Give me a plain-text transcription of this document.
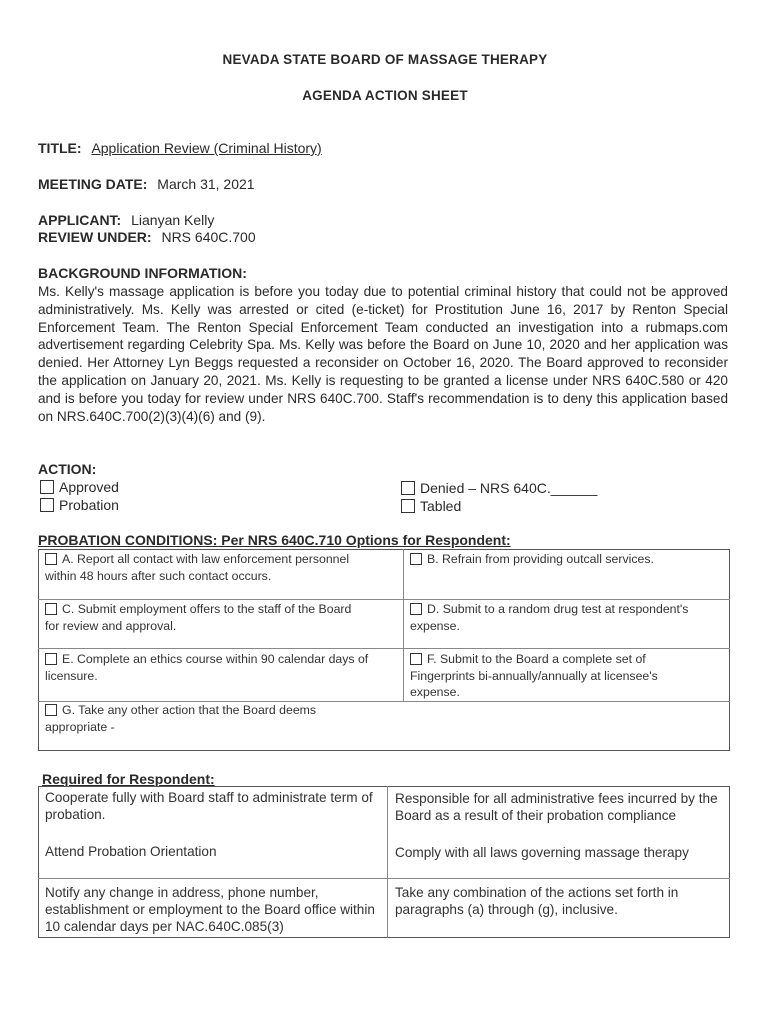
NEVADA STATE BOARD OF MASSAGE THERAPY
AGENDA ACTION SHEET
TITLE: Application Review (Criminal History)
MEETING DATE: March 31, 2021
APPLICANT: Lianyan Kelly
REVIEW UNDER: NRS 640C.700
BACKGROUND INFORMATION:
Ms. Kelly's massage application is before you today due to potential criminal history that could not be approved administratively. Ms. Kelly was arrested or cited (e-ticket) for Prostitution June 16, 2017 by Renton Special Enforcement Team. The Renton Special Enforcement Team conducted an investigation into a rubmaps.com advertisement regarding Celebrity Spa. Ms. Kelly was before the Board on June 10, 2020 and her application was denied. Her Attorney Lyn Beggs requested a reconsider on October 16, 2020. The Board approved to reconsider the application on January 20, 2021. Ms. Kelly is requesting to be granted a license under NRS 640C.580 or 420 and is before you today for review under NRS 640C.700. Staff's recommendation is to deny this application based on NRS.640C.700(2)(3)(4)(6) and (9).
ACTION:
Approved
Probation
Denied – NRS 640C.______
Tabled
PROBATION CONDITIONS: Per NRS 640C.710 Options for Respondent:
A. Report all contact with law enforcement personnel within 48 hours after such contact occurs.
B. Refrain from providing outcall services.
C. Submit employment offers to the staff of the Board for review and approval.
D. Submit to a random drug test at respondent's expense.
E. Complete an ethics course within 90 calendar days of licensure.
F. Submit to the Board a complete set of Fingerprints bi-annually/annually at licensee's expense.
G. Take any other action that the Board deems appropriate -
Required for Respondent:
Cooperate fully with Board staff to administrate term of probation.
Responsible for all administrative fees incurred by the Board as a result of their probation compliance
Attend Probation Orientation	Comply with all laws governing massage therapy
Notify any change in address, phone number, establishment or employment to the Board office within 10 calendar days per NAC.640C.085(3)
Take any combination of the actions set forth in paragraphs (a) through (g), inclusive.
